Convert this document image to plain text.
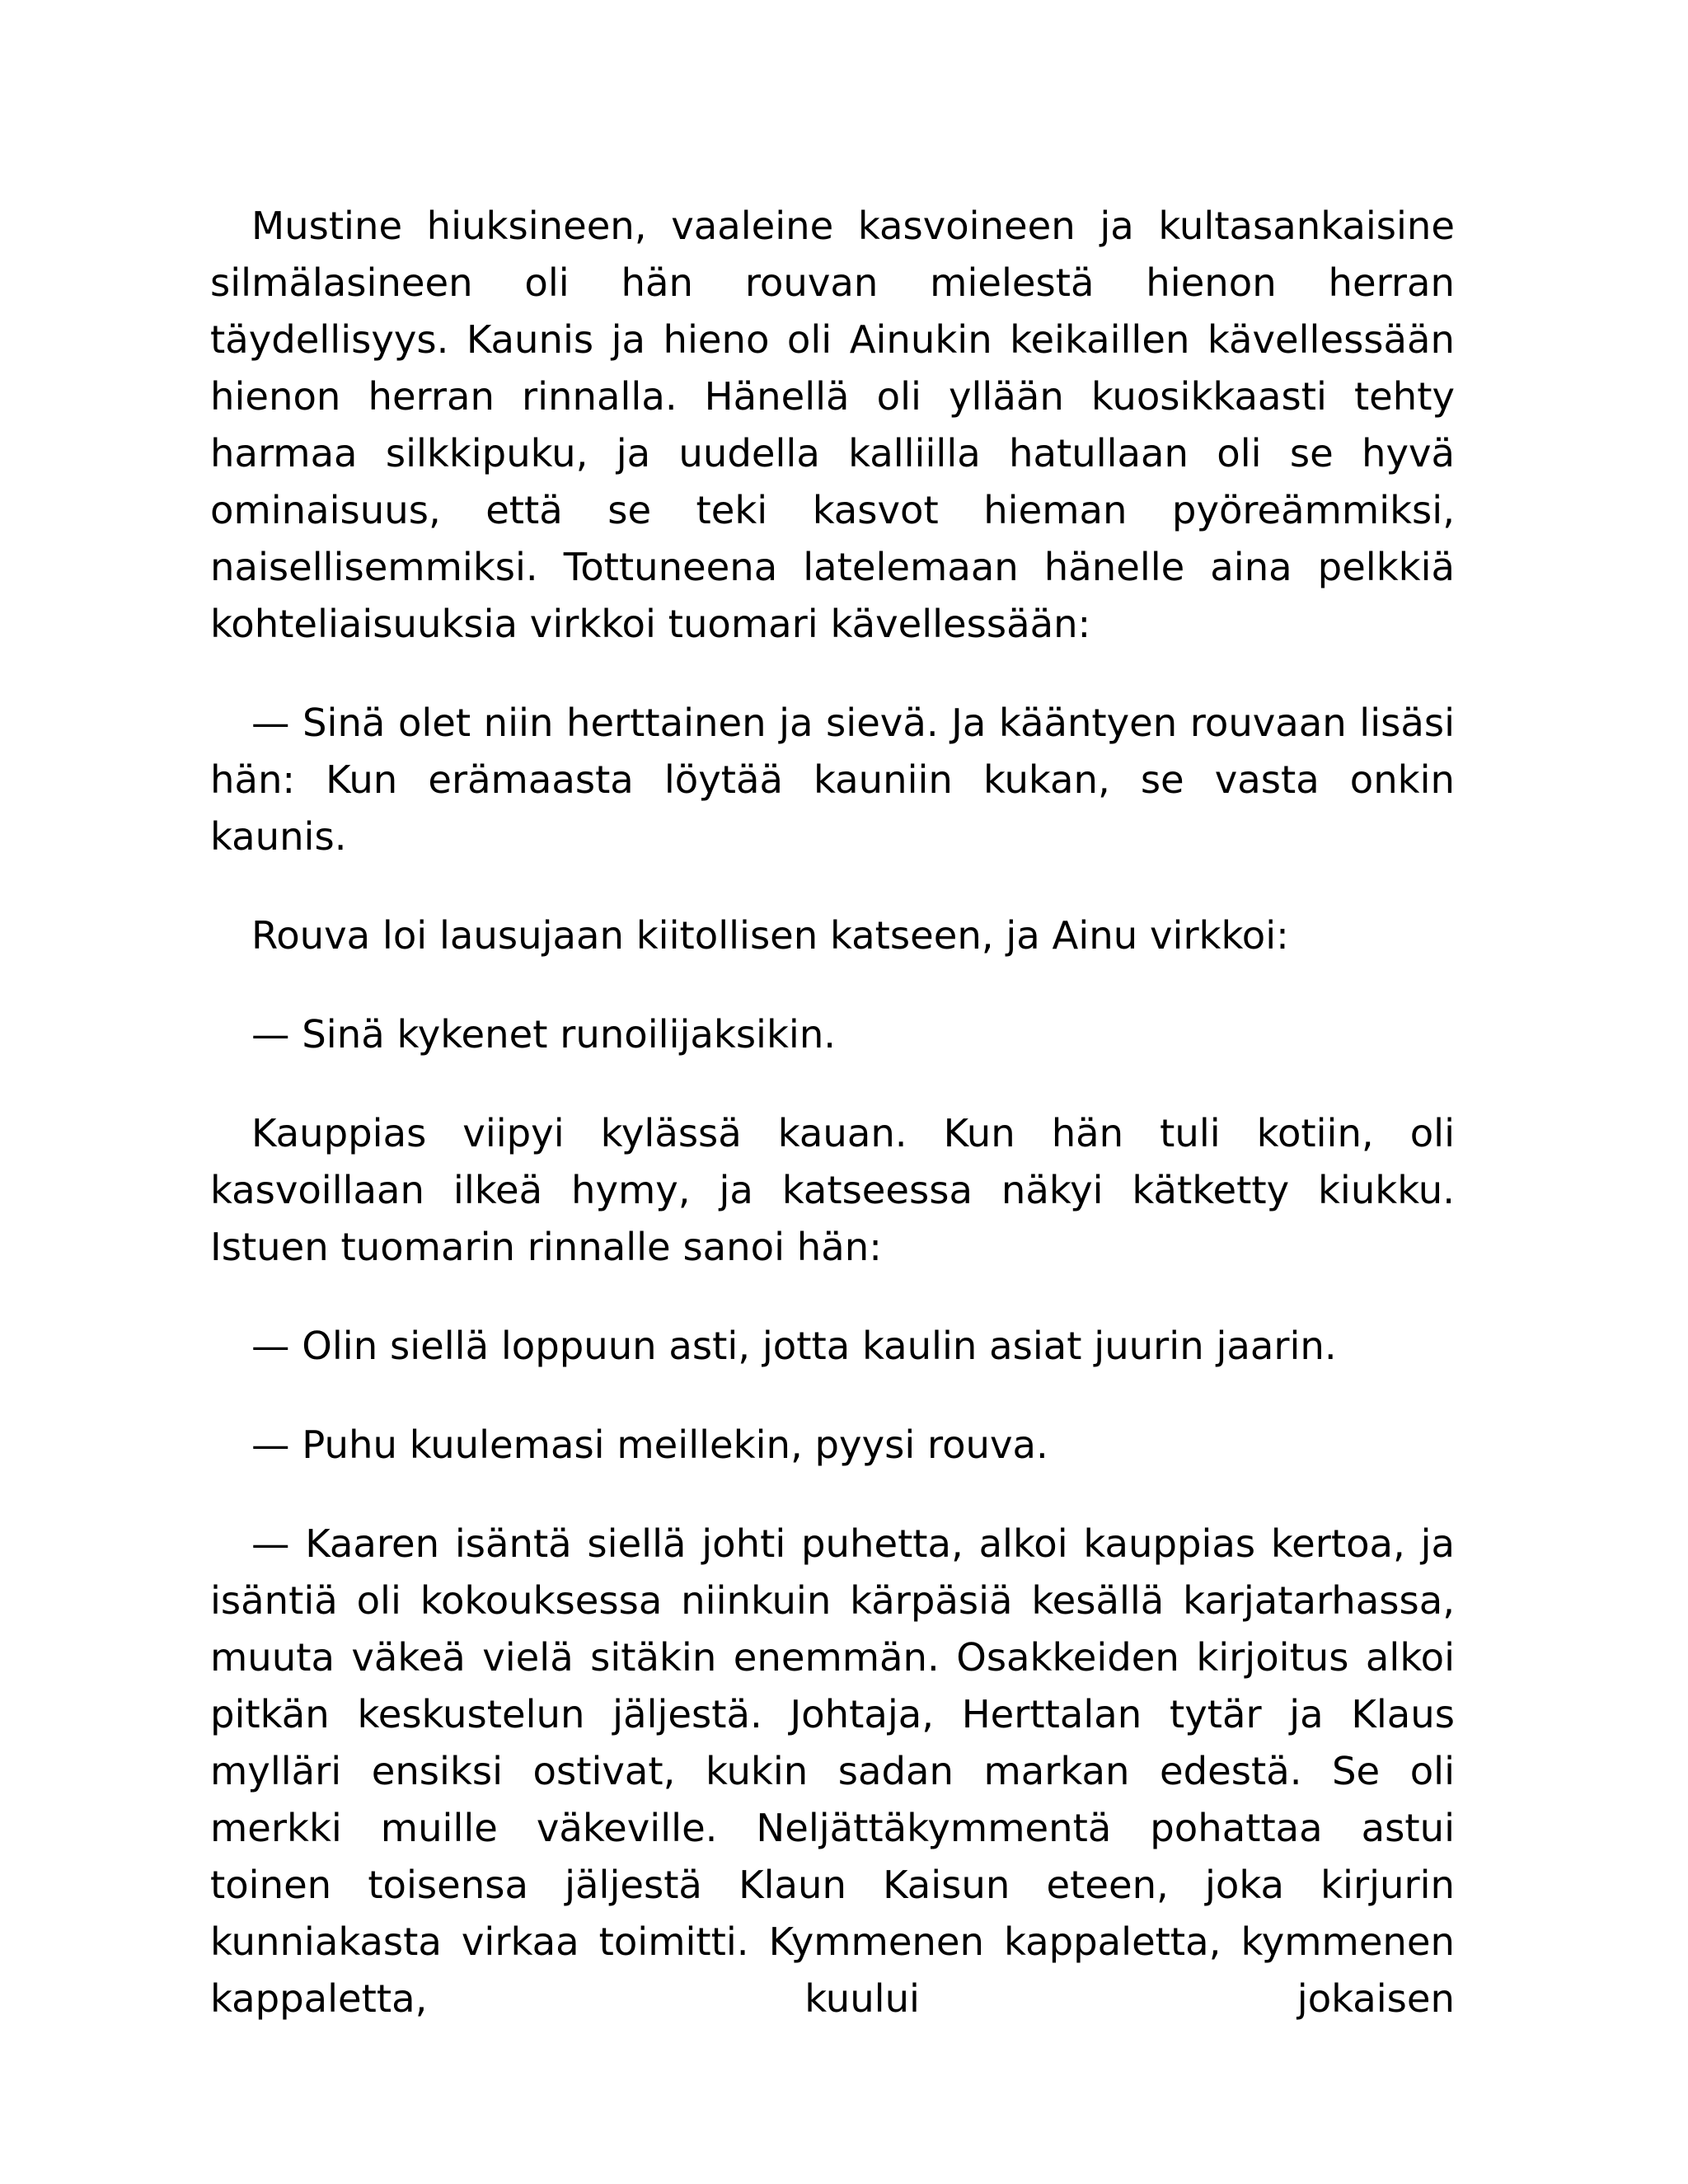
Mustine hiuksineen, vaaleine kasvoineen ja kultasankaisine silmälasineen oli hän rouvan mielestä hienon herran täydellisyys. Kaunis ja hieno oli Ainukin keikaillen kävellessään hienon herran rinnalla. Hänellä oli yllään kuosikkaasti tehty harmaa silkkipuku, ja uudella kalliilla hatullaan oli se hyvä ominaisuus, että se teki kasvot hieman pyöreämmiksi, naisellisemmiksi. Tottuneena latelemaan hänelle aina pelkkiä kohteliaisuuksia virkkoi tuomari kävellessään:

— Sinä olet niin herttainen ja sievä. Ja kääntyen rouvaan lisäsi hän: Kun erämaasta löytää kauniin kukan, se vasta onkin kaunis.

Rouva loi lausujaan kiitollisen katseen, ja Ainu virkkoi:

— Sinä kykenet runoilijaksikin.

Kauppias viipyi kylässä kauan. Kun hän tuli kotiin, oli kasvoillaan ilkeä hymy, ja katseessa näkyi kätketty kiukku. Istuen tuomarin rinnalle sanoi hän:

— Olin siellä loppuun asti, jotta kaulin asiat juurin jaarin.

— Puhu kuulemasi meillekin, pyysi rouva.

— Kaaren isäntä siellä johti puhetta, alkoi kauppias kertoa, ja isäntiä oli kokouksessa niinkuin kärpäsiä kesällä karjatarhassa, muuta väkeä vielä sitäkin enemmän. Osakkeiden kirjoitus alkoi pitkän keskustelun jäljestä. Johtaja, Herttalan tytär ja Klaus mylläri ensiksi ostivat, kukin sadan markan edestä. Se oli merkki muille väkeville. Neljättäkymmentä pohattaa astui toinen toisensa jäljestä Klaun Kaisun eteen, joka kirjurin kunniakasta virkaa toimitti. Kymmenen kappaletta, kymmenen kappaletta, kuului jokaisen
